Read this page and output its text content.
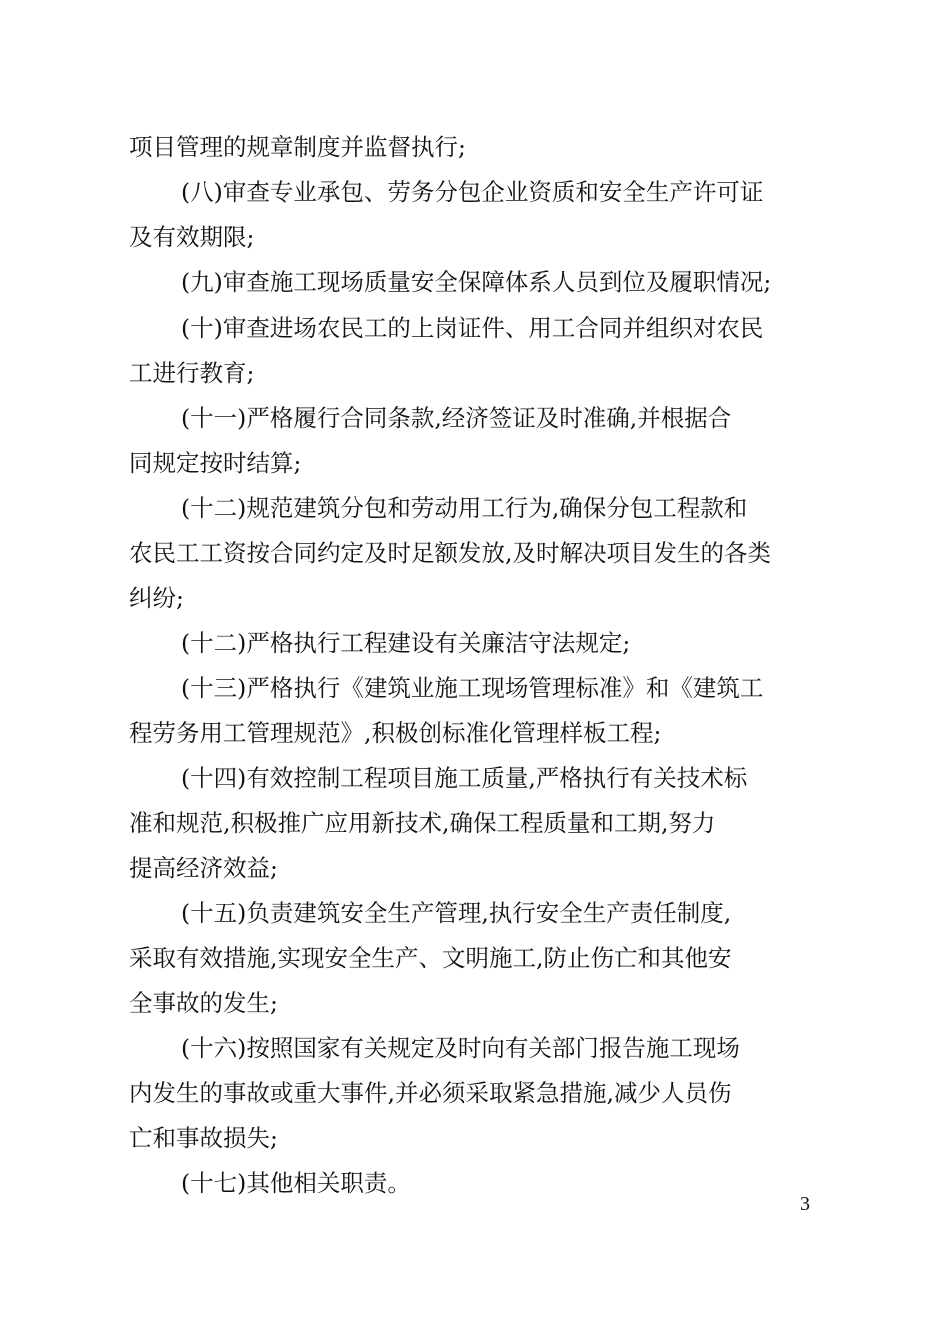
项目管理的规章制度并监督执行;
(八)审查专业承包、劳务分包企业资质和安全生产许可证
及有效期限;
(九)审查施工现场质量安全保障体系人员到位及履职情况;
(十)审查进场农民工的上岗证件、用工合同并组织对农民
工进行教育;
(十一)严格履行合同条款,经济签证及时准确,并根据合
同规定按时结算;
(十二)规范建筑分包和劳动用工行为,确保分包工程款和
农民工工资按合同约定及时足额发放,及时解决项目发生的各类
纠纷;
(十二)严格执行工程建设有关廉洁守法规定;
(十三)严格执行《建筑业施工现场管理标准》和《建筑工
程劳务用工管理规范》,积极创标准化管理样板工程;
(十四)有效控制工程项目施工质量,严格执行有关技术标
准和规范,积极推广应用新技术,确保工程质量和工期,努力
提高经济效益;
(十五)负责建筑安全生产管理,执行安全生产责任制度,
采取有效措施,实现安全生产、文明施工,防止伤亡和其他安
全事故的发生;
(十六)按照国家有关规定及时向有关部门报告施工现场
内发生的事故或重大事件,并必须采取紧急措施,减少人员伤
亡和事故损失;
(十七)其他相关职责。
3
